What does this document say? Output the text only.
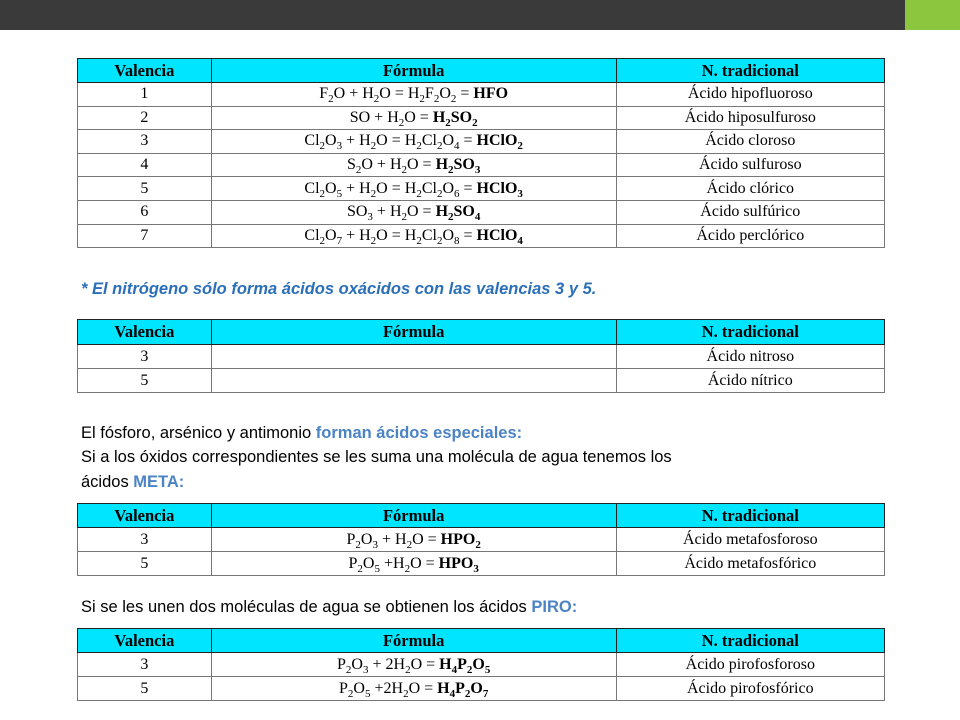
Valencia	Fórmula	N. tradicional
1	$F_2O + H_2O = H_2F_2O_2$ = HFO	Ácido hipofluoroso
2	SO + $H_2O = H_2SO_2$	Ácido hiposulfuroso
3	$Cl_2O_3 + H_2O = H_2Cl_2O_4$ = HClO$_2$	Ácido cloroso
4	$S_2O + H_2O = H_2SO_3$	Ácido sulfuroso
5	$Cl_2O_5 + H_2O = H_2Cl_2O_6$ = HClO$_3$	Ácido clórico
6	$SO_3 + H_2O = H_2SO_4$	Ácido sulfúrico
7	$Cl_2O_7 + H_2O = H_2Cl_2O_8$ = HClO$_4$	Ácido perclórico
* El nitrógeno sólo forma ácidos oxácidos con las valencias 3 y 5.
Valencia	Fórmula	N. tradicional
3		Ácido nitroso
5		Ácido nítrico
El fósforo, arsénico y antimonio forman ácidos especiales:
Si a los óxidos correspondientes se les suma una molécula de agua tenemos los
ácidos META:
Valencia	Fórmula	N. tradicional
3	$P_2O_3 + H_2O = HPO_2$	Ácido metafosforoso
5	$P_2O_5 +H_2O = HPO_3$	Ácido metafosfórico
Si se les unen dos moléculas de agua se obtienen los ácidos PIRO:
Valencia	Fórmula	N. tradicional
3	$P_2O_3 + 2H_2O = H_4P_2O_5$	Ácido pirofosforoso
5	$P_2O_5 +2H_2O = H_4P_2O_7$	Ácido pirofosfórico
